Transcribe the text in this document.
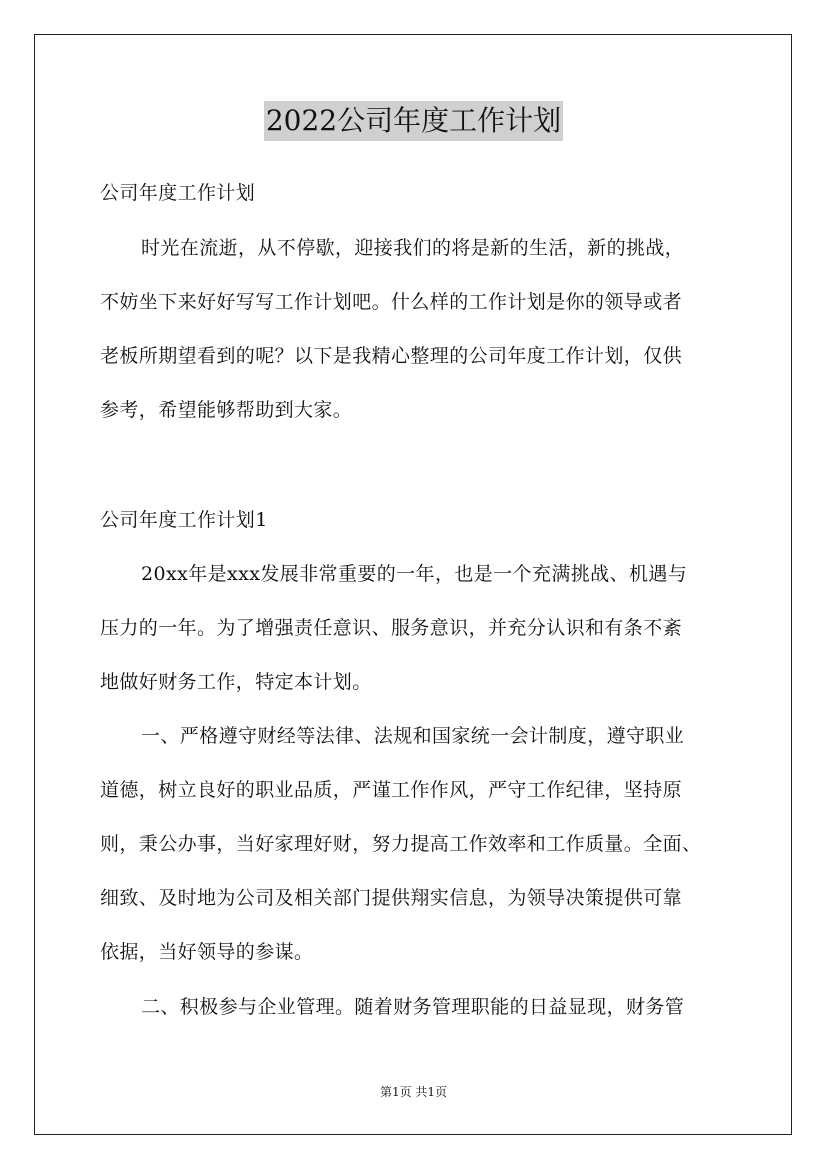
2022公司年度工作计划
公司年度工作计划
时光在流逝，从不停歇，迎接我们的将是新的生活，新的挑战，
不妨坐下来好好写写工作计划吧。什么样的工作计划是你的领导或者
老板所期望看到的呢？以下是我精心整理的公司年度工作计划，仅供
参考，希望能够帮助到大家。
公司年度工作计划1
20xx年是xxx发展非常重要的一年，也是一个充满挑战、机遇与
压力的一年。为了增强责任意识、服务意识，并充分认识和有条不紊
地做好财务工作，特定本计划。
一、严格遵守财经等法律、法规和国家统一会计制度，遵守职业
道德，树立良好的职业品质，严谨工作作风，严守工作纪律，坚持原
则，秉公办事，当好家理好财，努力提高工作效率和工作质量。全面、
细致、及时地为公司及相关部门提供翔实信息，为领导决策提供可靠
依据，当好领导的参谋。
二、积极参与企业管理。随着财务管理职能的日益显现，财务管
第1页 共1页
